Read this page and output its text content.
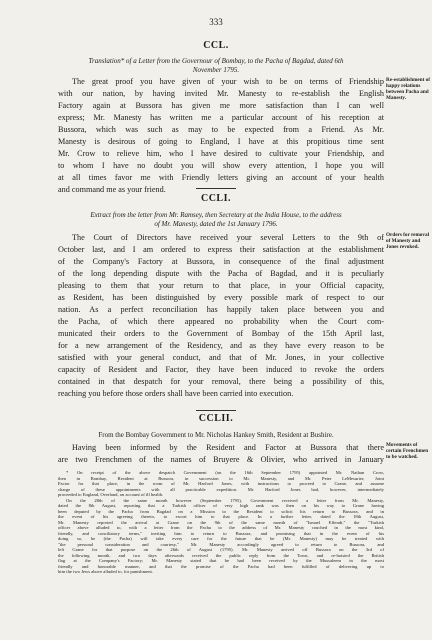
333
CCL.
Translation* of a Letter from the Governour of Bombay, to the Pacha of Bagdad, dated 6th
November 1795.
The great proof you have given of your wish to be on terms of Friendship
with our nation, by having invited Mr. Manesty to re-establish the English
Factory again at Bussora has given me more satisfaction than I can well
express; Mr. Manesty has written me a particular account of his reception at
Bussora, which was such as may to be expected from a Friend. As Mr.
Manesty is desirous of going to England, I have at this propitious time sent
Mr. Crow to relieve him, who I have desired to cultivate your Friendship, and
to whom I have no doubt you will show every attention, I hope you will
at all times favor me with Friendly letters giving an account of your health
and command me as your friend.
Re-establishment of
happy relations
between Pacha and
Manesty.
CCLI.
Extract from the letter from Mr. Ramsey, then Secretary at the India House, to the address
of Mr. Manesty, dated the 1st January 1796.
The Court of Directors have received your several Letters to the 9th of
October last, and I am ordered to express their satisfaction at the establishment
of the Company's Factory at Bussora, in consequence of the final adjustment
of the long depending dispute with the Pacha of Bagdad, and it is peculiarly
pleasing to them that your return to that place, in your Official capacity,
as Resident, has been distinguished by every possible mark of respect to our
nation. As a perfect reconciliation has happily taken place between you and
the Pacha, of which there appeared no probability when the Court com-
municated their orders to the Government of Bombay of the 15th April last,
for a new arrangement of the Residency, and as they have every reason to be
satisfied with your general conduct, and that of Mr. Jones, in your collective
capacity of Resident and Factor, they have been induced to revoke the orders
contained in that despatch for your removal, there being a possibility of this,
reaching you before those orders shall have been carried into execution.
Orders for removal
of Manesty and
Jones revoked.
CCLII.
From the Bombay Government to Mr. Nicholas Hankey Smith, Resident at Bushire.
Having been informed by the Resident and Factor at Bussora that there
are two Frenchmen of the names of Bruyere & Olivier, who arrived in January
Movements of
certain Frenchmen
to be watched.
* On receipt of the above despatch Government (on the 16th September 1795) appointed Mr. Nathan Crow,
then in Bombay, Resident at Bussora, in succession to Mr. Manesty, and Mr. Peter LeMesurier, Joint
Factor for that place, in the room of Mr. Harford Jones, with instructions to proceed to Grane, and assume
charge of these appointments with all practicable expedition. Mr. Harford Jones had, however, intermediately
proceeded to England, Overland, on account of ill health.
On the 28th of the same month however (September 1795), Government received a letter from Mr. Manesty,
dated the 8th August, reporting that a Turkish officer of very high rank was then on his way to Grane having
been deputed by the Pacha from Bagdad on a Mission to the Resident to solicit his return to Bussora, and in
the event of his agreeing thereto, to escort him to that place. In a further letter, dated the 18th August,
Mr. Manesty reported the arrival at Grane on the 9th of the same month of "Ismael Effendi," the "Turkish
officer above alluded to, with a letter from the Pacha to the address of Mr. Manesty couched in the most kind,
friendly, and conciliatory terms," inviting him to return to Bussora, and promising that in the event of his
doing so, he (the Pacha) will take every care for the future that he (Mr. Manesty) may be treated with
"the personal consideration and courtesy," Mr. Manesty accordingly agreed to return to Bussora, and
left Grane for that purpose on the 26th of August (1795). Mr. Manesty arrived off Bussora on the 3rd of
the following month, and two days afterwards received the public reply from the Town, and re-hoisted the British
flag at the Company's Factory; Mr. Manesty stated that he had been received by the Mussaleem in the most
friendly and honorable manner, and that the promise of the Pacha had been fulfilled of delivering up to
him the two Jews above alluded to, for punishment.
